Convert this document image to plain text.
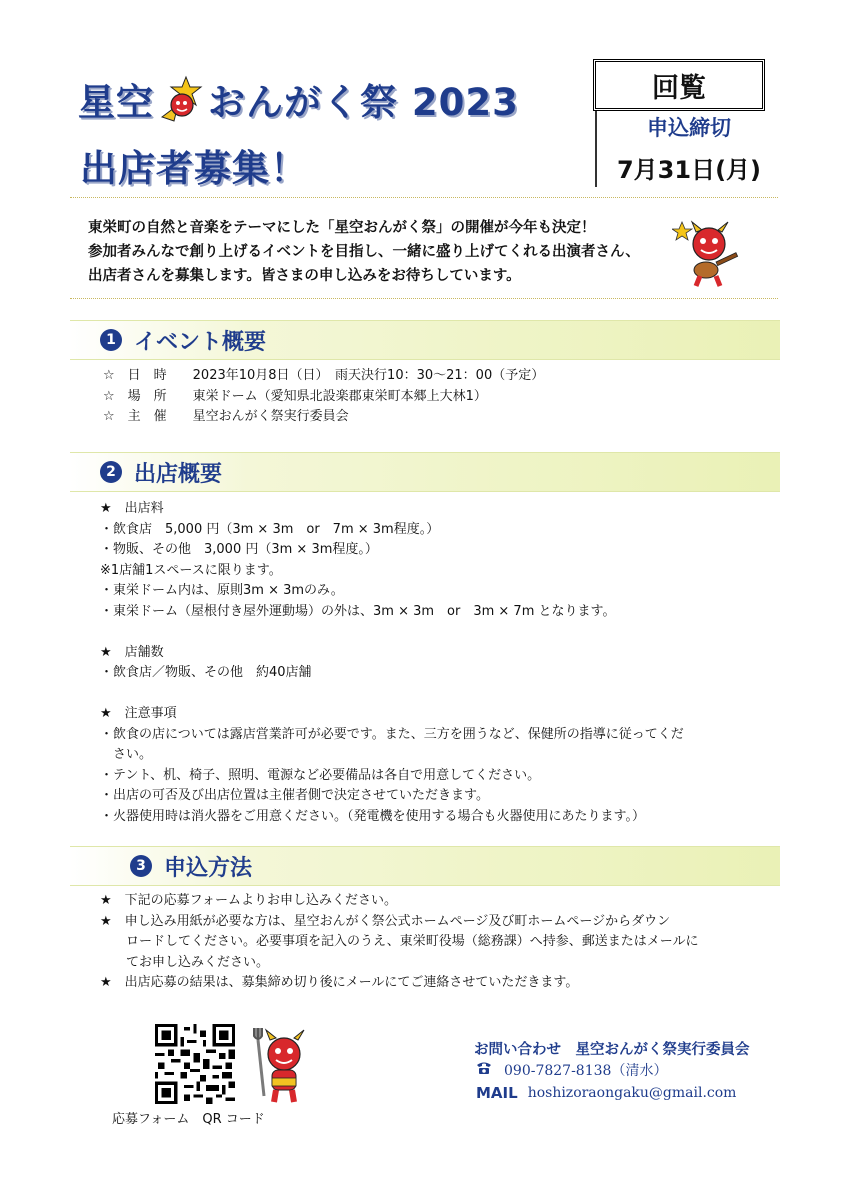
星空 おんがく祭 2023
出店者募集！
回覧
申込締切
7月31日(月)
東栄町の自然と音楽をテーマにした「星空おんがく祭」の開催が今年も決定！
参加者みんなで創り上げるイベントを目指し、一緒に盛り上げてくれる出演者さん、
出店者さんを募集します。皆さまの申し込みをお待ちしています。
1 イベント概要
☆　日　時　　2023年10月8日（日）　雨天決行10：30〜21：00（予定）
☆　場　所　　東栄ドーム（愛知県北設楽郡東栄町本郷上大林1）
☆　主　催　　星空おんがく祭実行委員会
2 出店概要
★　出店料
・飲食店　5,000 円（3m × 3m　or　7m × 3m程度。）
・物販、その他　3,000 円（3m × 3m程度。）
※1店舗1スペースに限ります。
・東栄ドーム内は、原則3m × 3mのみ。
・東栄ドーム（屋根付き屋外運動場）の外は、3m × 3m　or　3m × 7m となります。
★　店舗数
・飲食店／物販、その他　約40店舗
★　注意事項
・飲食の店については露店営業許可が必要です。また、三方を囲うなど、保健所の指導に従ってくだ
　さい。
・テント、机、椅子、照明、電源など必要備品は各自で用意してください。
・出店の可否及び出店位置は主催者側で決定させていただきます。
・火器使用時は消火器をご用意ください。（発電機を使用する場合も火器使用にあたります。）
3 申込方法
★　下記の応募フォームよりお申し込みください。
★　申し込み用紙が必要な方は、星空おんがく祭公式ホームページ及び町ホームページからダウン
　　ロードしてください。必要事項を記入のうえ、東栄町役場（総務課）へ持参、郵送またはメールに
　　てお申し込みください。
★　出店応募の結果は、募集締め切り後にメールにてご連絡させていただきます。
応募フォーム　QR コード
お問い合わせ　星空おんがく祭実行委員会
090-7827-8138（清水）
MAIL hoshizoraongaku@gmail.com
